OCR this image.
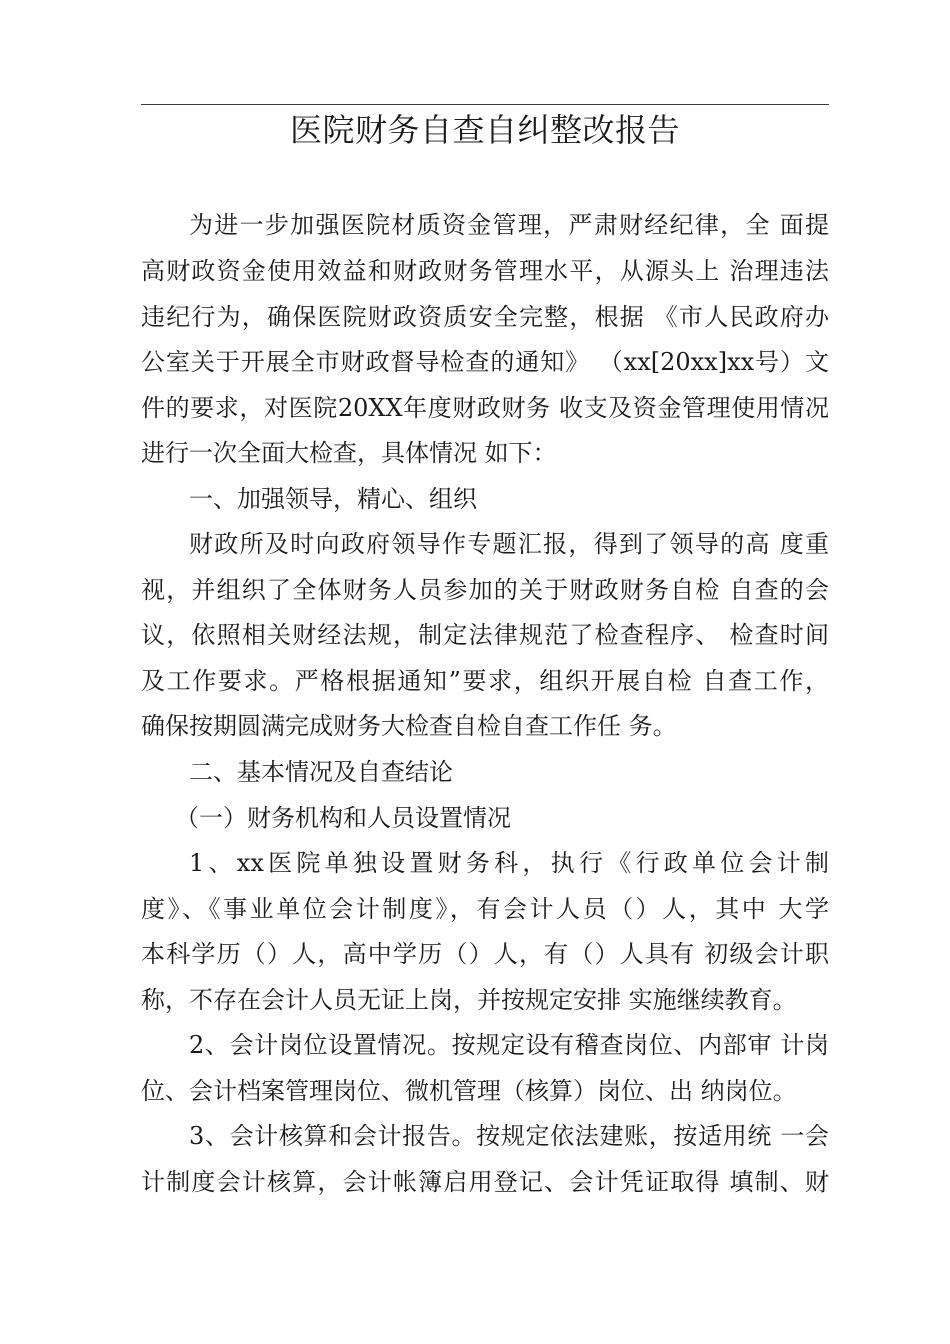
医院财务自查自纠整改报告
为进一步加强医院材质资金管理，严肃财经纪律，全 面提
高财政资金使用效益和财政财务管理水平，从源头上 治理违法
违纪行为，确保医院财政资质安全完整，根据 《市人民政府办
公室关于开展全市财政督导检查的通知》 （xx[20xx]xx号）文
件的要求，对医院20XX年度财政财务 收支及资金管理使用情况
进行一次全面大检查，具体情况 如下：
一、加强领导，精心、组织
财政所及时向政府领导作专题汇报，得到了领导的高 度重
视，并组织了全体财务人员参加的关于财政财务自检 自查的会
议，依照相关财经法规，制定法律规范了检查程序、 检查时间
及工作要求。严格根据通知”要求，组织开展自检 自查工作，
确保按期圆满完成财务大检查自检自查工作任 务。
二、基本情况及自查结论
（一）财务机构和人员设置情况
1、xx医院单独设置财务科，执行《行政单位会计制
度》、《事业单位会计制度》，有会计人员（）人，其中 大学
本科学历（）人，高中学历（）人，有（）人具有 初级会计职
称，不存在会计人员无证上岗，并按规定安排 实施继续教育。
2、会计岗位设置情况。按规定设有稽查岗位、内部审 计岗
位、会计档案管理岗位、微机管理（核算）岗位、出 纳岗位。
3、会计核算和会计报告。按规定依法建账，按适用统 一会
计制度会计核算，会计帐簿启用登记、会计凭证取得 填制、财
